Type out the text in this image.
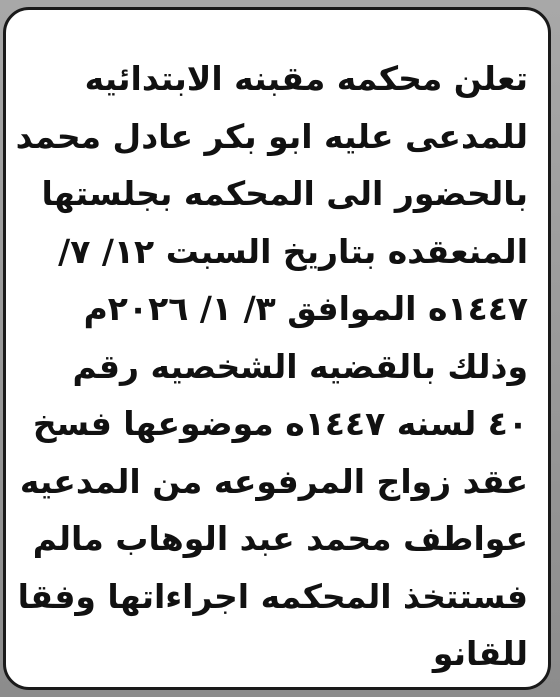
تعلن محكمه مقبنه الابتدائيه
للمدعى عليه ابو بكر عادل محمد
بالحضور الى المحكمه بجلستها
المنعقده بتاريخ السبت ١٢/ ٧/
١٤٤٧ه الموافق ٣/ ١/ ٢٠٢٦م
وذلك بالقضيه الشخصيه رقم
٤٠ لسنه ١٤٤٧ه موضوعها فسخ
عقد زواج المرفوعه من المدعيه
عواطف محمد عبد الوهاب مالم
فستتخذ المحكمه اجراءاتها وفقا
للقانو
